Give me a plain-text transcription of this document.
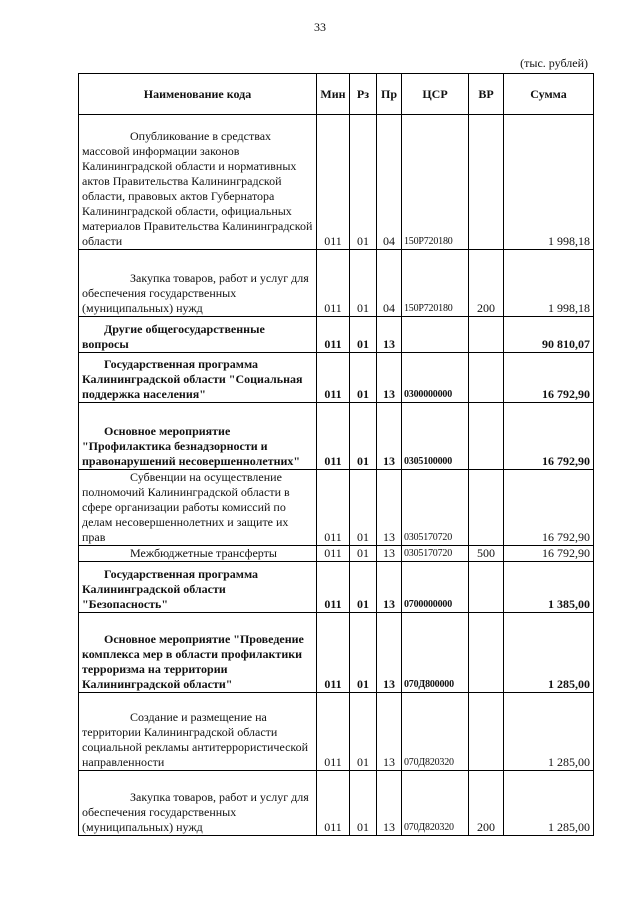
33
(тыс. рублей)
Наименование кода	Мин	Рз	Пр	ЦСР	ВР	Сумма

Опубликование в средствах массовой информации законов Калининградской области и нормативных актов Правительства Калининградской области, правовых актов Губернатора Калининградской области, официальных материалов Правительства Калининградской области	011	01	04	150Р720180		1 998,18

Закупка товаров, работ и услуг для обеспечения государственных (муниципальных) нужд	011	01	04	150Р720180	200	1 998,18

Другие общегосударственные вопросы	011	01	13			90 810,07

Государственная программа Калининградской области "Социальная поддержка населения"	011	01	13	0300000000		16 792,90

Основное мероприятие "Профилактика безнадзорности и правонарушений несовершеннолетних"	011	01	13	0305100000		16 792,90

Субвенции на осуществление полномочий Калининградской области в сфере организации работы комиссий по делам несовершеннолетних и защите их прав	011	01	13	0305170720		16 792,90

Межбюджетные трансферты	011	01	13	0305170720	500	16 792,90

Государственная программа Калининградской области "Безопасность"	011	01	13	0700000000		1 385,00

Основное мероприятие "Проведение комплекса мер в области профилактики терроризма на территории Калининградской области"	011	01	13	070Д800000		1 285,00

Создание и размещение на территории Калининградской области социальной рекламы антитеррористической направленности	011	01	13	070Д820320		1 285,00

Закупка товаров, работ и услуг для обеспечения государственных (муниципальных) нужд	011	01	13	070Д820320	200	1 285,00
